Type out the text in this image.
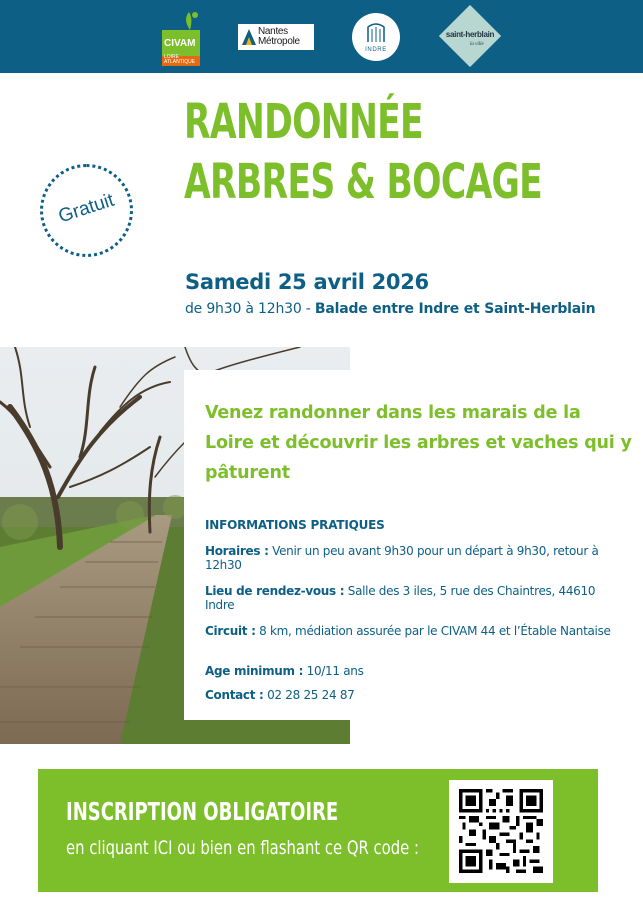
CIVAM
LOIRE ATLANTIQUE
Nantes
Métropole
INDRE
saint-herblain
la ville
Gratuit
RANDONNÉE
ARBRES & BOCAGE
Samedi 25 avril 2026
de 9h30 à 12h30 - Balade entre Indre et Saint-Herblain
Venez randonner dans les marais de la Loire et découvrir les arbres et vaches qui y pâturent
INFORMATIONS PRATIQUES
Horaires : Venir un peu avant 9h30 pour un départ à 9h30, retour à 12h30
Lieu de rendez-vous : Salle des 3 iles, 5 rue des Chaintres, 44610 Indre
Circuit : 8 km, médiation assurée par le CIVAM 44 et l’Étable Nantaise
Age minimum : 10/11 ans
Contact : 02 28 25 24 87
INSCRIPTION OBLIGATOIRE
en cliquant ICI ou bien en flashant ce QR code :
